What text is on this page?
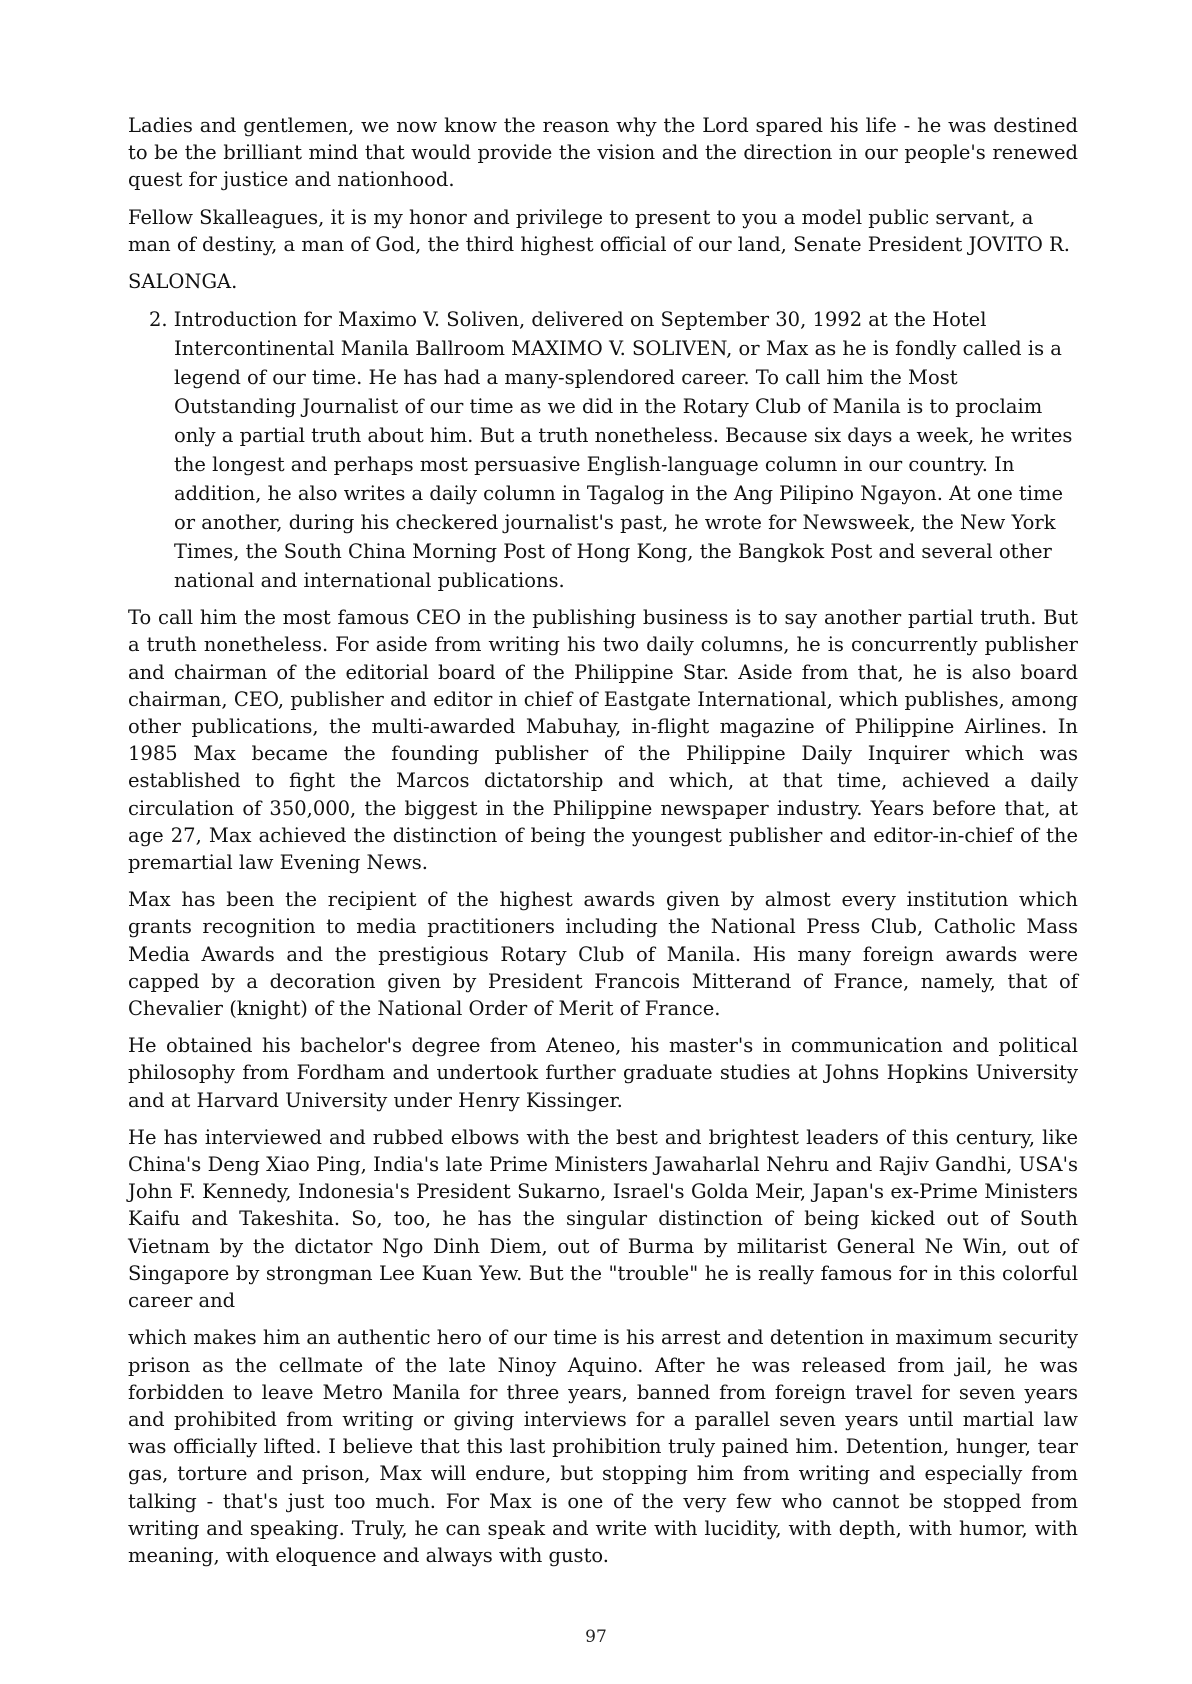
Ladies and gentlemen, we now know the reason why the Lord spared his life - he was destined to be the brilliant mind that would provide the vision and the direction in our people's renewed quest for justice and nationhood.

Fellow Skalleagues, it is my honor and privilege to present to you a model public servant, a man of destiny, a man of God, the third highest official of our land, Senate President JOVITO R.

SALONGA.

2. Introduction for Maximo V. Soliven, delivered on September 30, 1992 at the Hotel Intercontinental Manila Ballroom MAXIMO V. SOLIVEN, or Max as he is fondly called is a legend of our time. He has had a many-splendored career. To call him the Most Outstanding Journalist of our time as we did in the Rotary Club of Manila is to proclaim only a partial truth about him. But a truth nonetheless. Because six days a week, he writes the longest and perhaps most persuasive English-language column in our country. In addition, he also writes a daily column in Tagalog in the Ang Pilipino Ngayon. At one time or another, during his checkered journalist's past, he wrote for Newsweek, the New York Times, the South China Morning Post of Hong Kong, the Bangkok Post and several other national and international publications.

To call him the most famous CEO in the publishing business is to say another partial truth. But a truth nonetheless. For aside from writing his two daily columns, he is concurrently publisher and chairman of the editorial board of the Philippine Star. Aside from that, he is also board chairman, CEO, publisher and editor in chief of Eastgate International, which publishes, among other publications, the multi-awarded Mabuhay, in-flight magazine of Philippine Airlines. In 1985 Max became the founding publisher of the Philippine Daily Inquirer which was established to fight the Marcos dictatorship and which, at that time, achieved a daily circulation of 350,000, the biggest in the Philippine newspaper industry. Years before that, at age 27, Max achieved the distinction of being the youngest publisher and editor-in-chief of the premartial law Evening News.

Max has been the recipient of the highest awards given by almost every institution which grants recognition to media practitioners including the National Press Club, Catholic Mass Media Awards and the prestigious Rotary Club of Manila. His many foreign awards were capped by a decoration given by President Francois Mitterand of France, namely, that of Chevalier (knight) of the National Order of Merit of France.

He obtained his bachelor's degree from Ateneo, his master's in communication and political philosophy from Fordham and undertook further graduate studies at Johns Hopkins University and at Harvard University under Henry Kissinger.

He has interviewed and rubbed elbows with the best and brightest leaders of this century, like China's Deng Xiao Ping, India's late Prime Ministers Jawaharlal Nehru and Rajiv Gandhi, USA's John F. Kennedy, Indonesia's President Sukarno, Israel's Golda Meir, Japan's ex-Prime Ministers Kaifu and Takeshita. So, too, he has the singular distinction of being kicked out of South Vietnam by the dictator Ngo Dinh Diem, out of Burma by militarist General Ne Win, out of Singapore by strongman Lee Kuan Yew. But the "trouble" he is really famous for in this colorful career and

which makes him an authentic hero of our time is his arrest and detention in maximum security prison as the cellmate of the late Ninoy Aquino. After he was released from jail, he was forbidden to leave Metro Manila for three years, banned from foreign travel for seven years and prohibited from writing or giving interviews for a parallel seven years until martial law was officially lifted. I believe that this last prohibition truly pained him. Detention, hunger, tear gas, torture and prison, Max will endure, but stopping him from writing and especially from talking - that's just too much. For Max is one of the very few who cannot be stopped from writing and speaking. Truly, he can speak and write with lucidity, with depth, with humor, with meaning, with eloquence and always with gusto.

97
